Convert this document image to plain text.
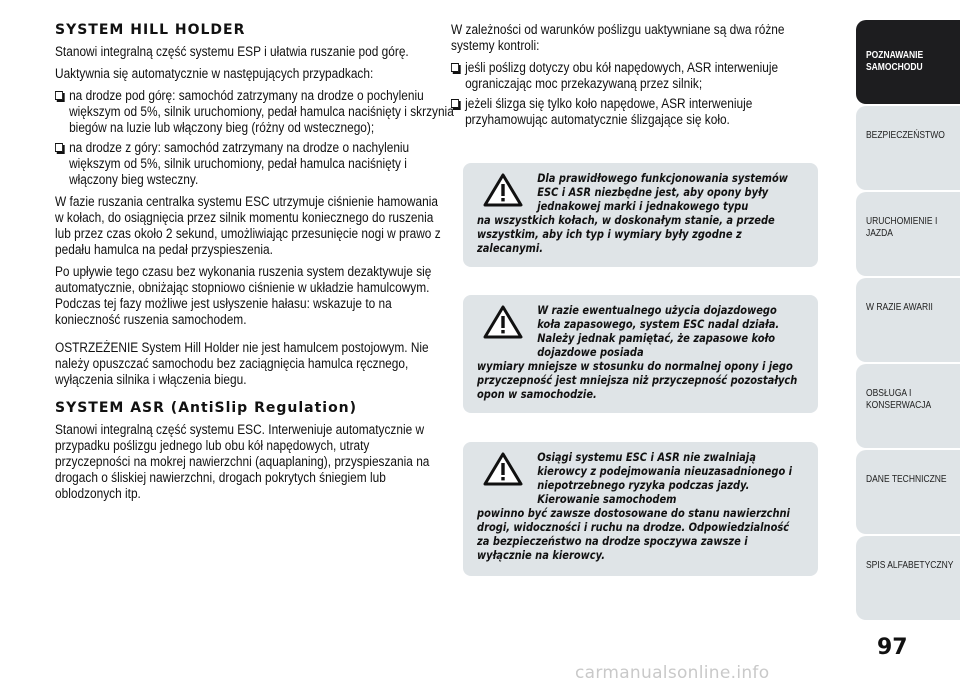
SYSTEM HILL HOLDER

Stanowi integralną część systemu ESP i ułatwia ruszanie pod górę.

Uaktywnia się automatycznie w następujących przypadkach:

na drodze pod górę: samochód zatrzymany na drodze o pochyleniu większym od 5%, silnik uruchomiony, pedał hamulca naciśnięty i skrzynia biegów na luzie lub włączony bieg (różny od wstecznego);
na drodze z góry: samochód zatrzymany na drodze o nachyleniu większym od 5%, silnik uruchomiony, pedał hamulca naciśnięty i włączony bieg wsteczny.

W fazie ruszania centralka systemu ESC utrzymuje ciśnienie hamowania w kołach, do osiągnięcia przez silnik momentu koniecznego do ruszenia lub przez czas około 2 sekund, umożliwiając przesunięcie nogi w prawo z pedału hamulca na pedał przyspieszenia.

Po upływie tego czasu bez wykonania ruszenia system dezaktywuje się automatycznie, obniżając stopniowo ciśnienie w układzie hamulcowym. Podczas tej fazy możliwe jest usłyszenie hałasu: wskazuje to na konieczność ruszenia samochodem.

OSTRZEŻENIE System Hill Holder nie jest hamulcem postojowym. Nie należy opuszczać samochodu bez zaciągnięcia hamulca ręcznego, wyłączenia silnika i włączenia biegu.

SYSTEM ASR (AntiSlip Regulation)

Stanowi integralną część systemu ESC. Interweniuje automatycznie w przypadku poślizgu jednego lub obu kół napędowych, utraty przyczepności na mokrej nawierzchni (aquaplaning), przyspieszania na drogach o śliskiej nawierzchni, drogach pokrytych śniegiem lub oblodzonych itp.

W zależności od warunków poślizgu uaktywniane są dwa różne systemy kontroli:

jeśli poślizg dotyczy obu kół napędowych, ASR interweniuje ograniczając moc przekazywaną przez silnik;
jeżeli ślizga się tylko koło napędowe, ASR interweniuje przyhamowując automatycznie ślizgające się koło.
Dla prawidłowego funkcjonowania systemów ESC i ASR niezbędne jest, aby opony były jednakowej marki i jednakowego typu
na wszystkich kołach, w doskonałym stanie, a przede wszystkim, aby ich typ i wymiary były zgodne z zalecanymi.
W razie ewentualnego użycia dojazdowego koła zapasowego, system ESC nadal działa. Należy jednak pamiętać, że zapasowe koło dojazdowe posiada
wymiary mniejsze w stosunku do normalnej opony i jego przyczepność jest mniejsza niż przyczepność pozostałych opon w samochodzie.
Osiągi systemu ESC i ASR nie zwalniają kierowcy z podejmowania nieuzasadnionego i niepotrzebnego ryzyka podczas jazdy. Kierowanie samochodem
powinno być zawsze dostosowane do stanu nawierzchni drogi, widoczności i ruchu na drodze. Odpowiedzialność za bezpieczeństwo na drodze spoczywa zawsze i wyłącznie na kierowcy.
POZNAWANIE SAMOCHODU
BEZPIECZEŃSTWO
URUCHOMIENIE I JAZDA
W RAZIE AWARII
OBSŁUGA I KONSERWACJA
DANE TECHNICZNE
SPIS ALFABETYCZNY
97
carmanualsonline.info
